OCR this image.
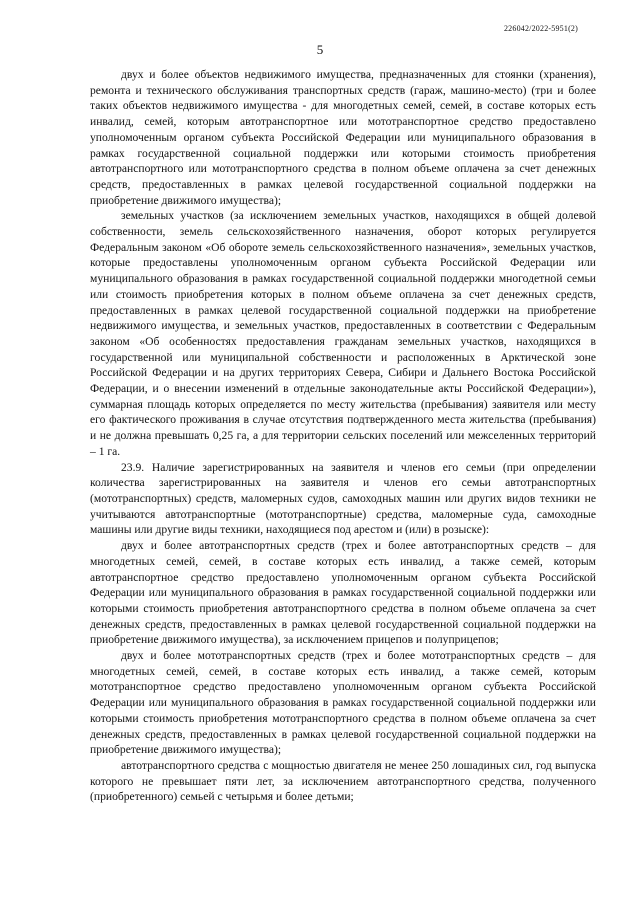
226042/2022-5951(2)
5

двух и более объектов недвижимого имущества, предназначенных для стоянки (хранения), ремонта и технического обслуживания транспортных средств (гараж, машино-место) (три и более таких объектов недвижимого имущества - для многодетных семей, семей, в составе которых есть инвалид, семей, которым автотранспортное или мототранспортное средство предоставлено уполномоченным органом субъекта Российской Федерации или муниципального образования в рамках государственной социальной поддержки или которыми стоимость приобретения автотранспортного или мототранспортного средства в полном объеме оплачена за счет денежных средств, предоставленных в рамках целевой государственной социальной поддержки на приобретение движимого имущества);

земельных участков (за исключением земельных участков, находящихся в общей долевой собственности, земель сельскохозяйственного назначения, оборот которых регулируется Федеральным законом «Об обороте земель сельскохозяйственного назначения», земельных участков, которые предоставлены уполномоченным органом субъекта Российской Федерации или муниципального образования в рамках государственной социальной поддержки многодетной семьи или стоимость приобретения которых в полном объеме оплачена за счет денежных средств, предоставленных в рамках целевой государственной социальной поддержки на приобретение недвижимого имущества, и земельных участков, предоставленных в соответствии с Федеральным законом «Об особенностях предоставления гражданам земельных участков, находящихся в государственной или муниципальной собственности и расположенных в Арктической зоне Российской Федерации и на других территориях Севера, Сибири и Дальнего Востока Российской Федерации, и о внесении изменений в отдельные законодательные акты Российской Федерации»), суммарная площадь которых определяется по месту жительства (пребывания) заявителя или месту его фактического проживания в случае отсутствия подтвержденного места жительства (пребывания) и не должна превышать 0,25 га, а для территории сельских поселений или межселенных территорий – 1 га.

23.9. Наличие зарегистрированных на заявителя и членов его семьи (при определении количества зарегистрированных на заявителя и членов его семьи автотранспортных (мототранспортных) средств, маломерных судов, самоходных машин или других видов техники не учитываются автотранспортные (мототранспортные) средства, маломерные суда, самоходные машины или другие виды техники, находящиеся под арестом и (или) в розыске):

двух и более автотранспортных средств (трех и более автотранспортных средств – для многодетных семей, семей, в составе которых есть инвалид, а также семей, которым автотранспортное средство предоставлено уполномоченным органом субъекта Российской Федерации или муниципального образования в рамках государственной социальной поддержки или которыми стоимость приобретения автотранспортного средства в полном объеме оплачена за счет денежных средств, предоставленных в рамках целевой государственной социальной поддержки на приобретение движимого имущества), за исключением прицепов и полуприцепов;

двух и более мототранспортных средств (трех и более мототранспортных средств – для многодетных семей, семей, в составе которых есть инвалид, а также семей, которым мототранспортное средство предоставлено уполномоченным органом субъекта Российской Федерации или муниципального образования в рамках государственной социальной поддержки или которыми стоимость приобретения мототранспортного средства в полном объеме оплачена за счет денежных средств, предоставленных в рамках целевой государственной социальной поддержки на приобретение движимого имущества);

автотранспортного средства с мощностью двигателя не менее 250 лошадиных сил, год выпуска которого не превышает пяти лет, за исключением автотранспортного средства, полученного (приобретенного) семьей с четырьмя и более детьми;
